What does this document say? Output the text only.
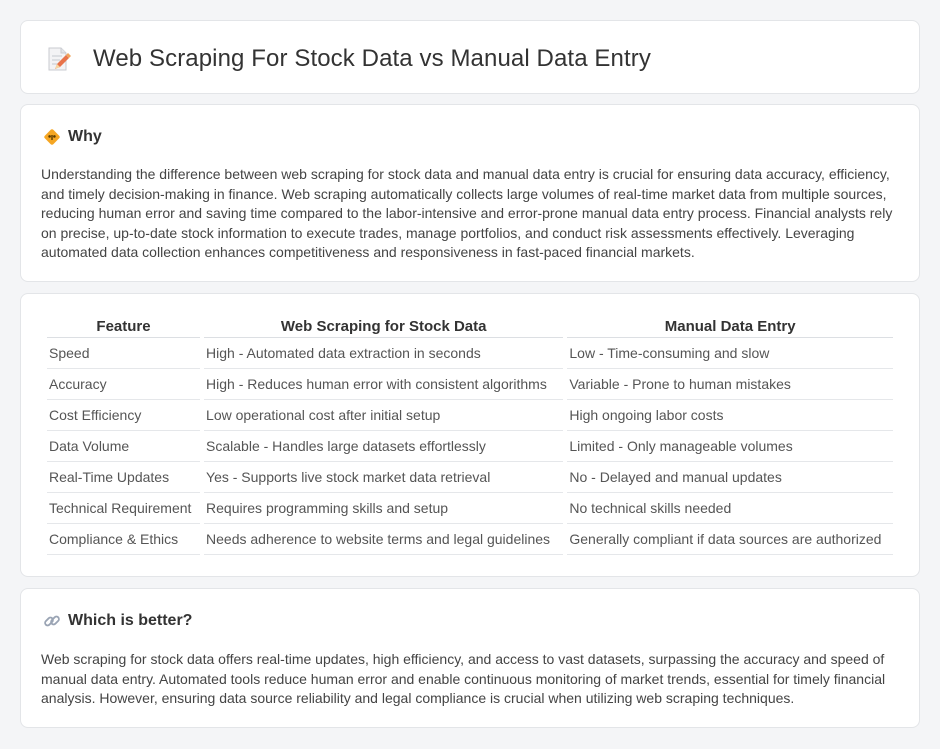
Web Scraping For Stock Data vs Manual Data Entry
Why

Understanding the difference between web scraping for stock data and manual data entry is crucial for ensuring data accuracy, efficiency, and timely decision-making in finance. Web scraping automatically collects large volumes of real-time market data from multiple sources, reducing human error and saving time compared to the labor-intensive and error-prone manual data entry process. Financial analysts rely on precise, up-to-date stock information to execute trades, manage portfolios, and conduct risk assessments effectively. Leveraging automated data collection enhances competitiveness and responsiveness in fast-paced financial markets.

Feature	Web Scraping for Stock Data	Manual Data Entry
Speed	High - Automated data extraction in seconds	Low - Time-consuming and slow
Accuracy	High - Reduces human error with consistent algorithms	Variable - Prone to human mistakes
Cost Efficiency	Low operational cost after initial setup	High ongoing labor costs
Data Volume	Scalable - Handles large datasets effortlessly	Limited - Only manageable volumes
Real-Time Updates	Yes - Supports live stock market data retrieval	No - Delayed and manual updates
Technical Requirement	Requires programming skills and setup	No technical skills needed
Compliance & Ethics	Needs adherence to website terms and legal guidelines	Generally compliant if data sources are authorized
Which is better?

Web scraping for stock data offers real-time updates, high efficiency, and access to vast datasets, surpassing the accuracy and speed of manual data entry. Automated tools reduce human error and enable continuous monitoring of market trends, essential for timely financial analysis. However, ensuring data source reliability and legal compliance is crucial when utilizing web scraping techniques.
